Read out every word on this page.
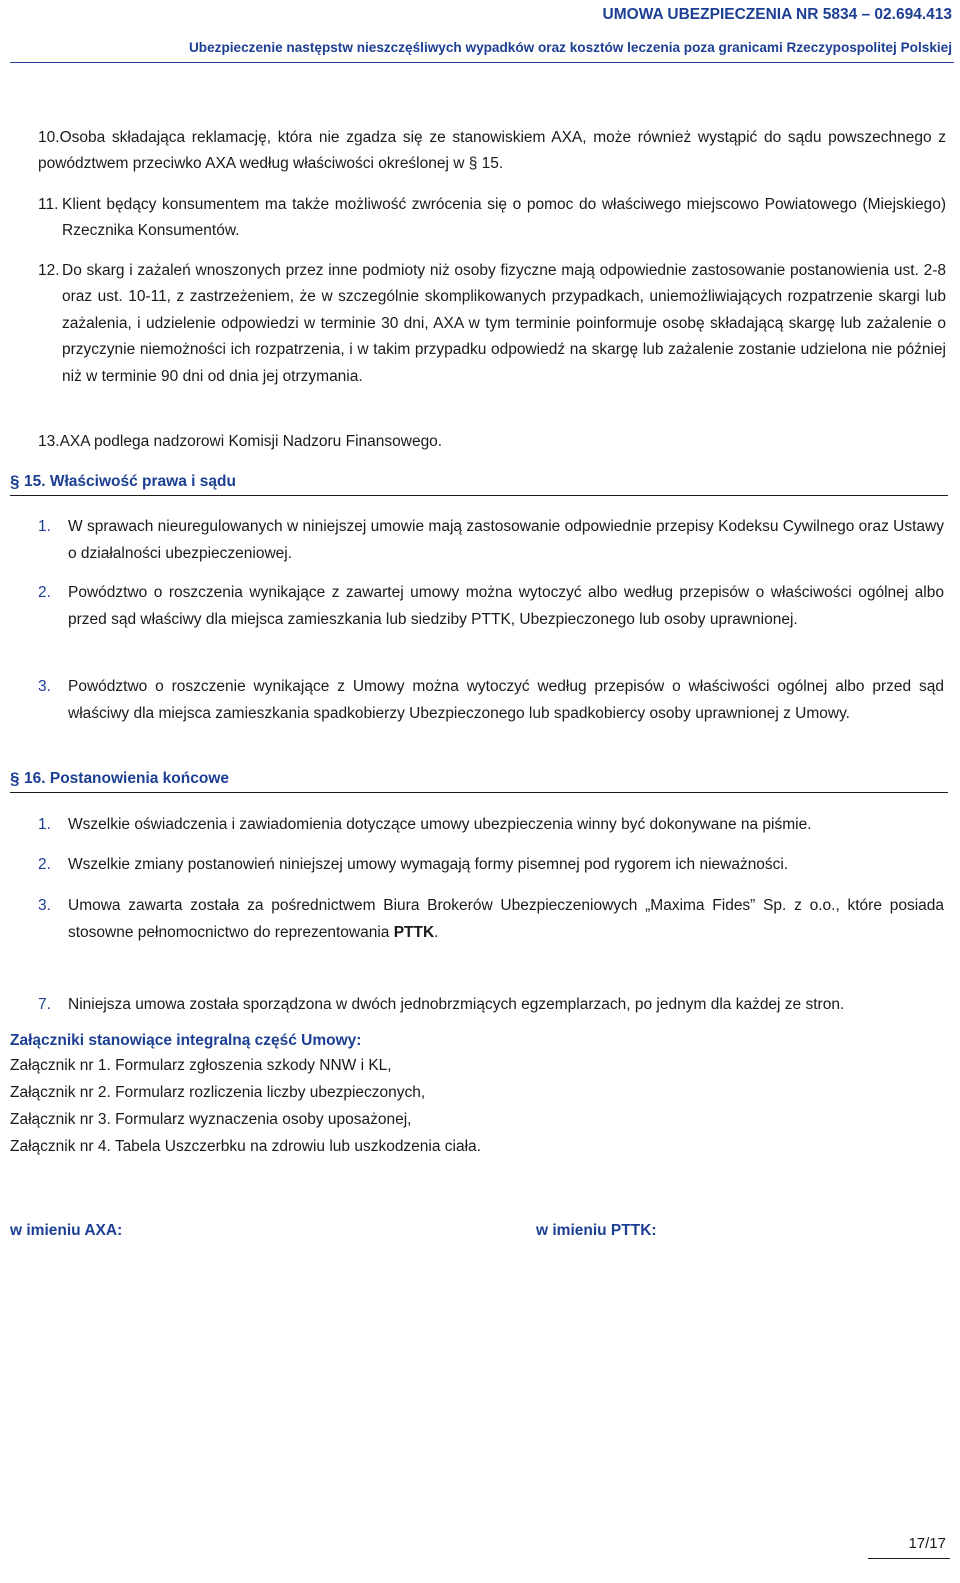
UMOWA UBEZPIECZENIA NR 5834 – 02.694.413
Ubezpieczenie następstw nieszczęśliwych wypadków oraz kosztów leczenia poza granicami Rzeczypospolitej Polskiej
10.Osoba składająca reklamację, która nie zgadza się ze stanowiskiem AXA, może również wystąpić do sądu powszechnego z powództwem przeciwko AXA według właściwości określonej w § 15.
11. Klient będący konsumentem ma także możliwość zwrócenia się o pomoc do właściwego miejscowo Powiatowego (Miejskiego) Rzecznika Konsumentów.
12. Do skarg i zażaleń wnoszonych przez inne podmioty niż osoby fizyczne mają odpowiednie zastosowanie postanowienia ust. 2-8 oraz ust. 10-11, z zastrzeżeniem, że w szczególnie skomplikowanych przypadkach, uniemożliwiających rozpatrzenie skargi lub zażalenia, i udzielenie odpowiedzi w terminie 30 dni, AXA w tym terminie poinformuje osobę składającą skargę lub zażalenie o przyczynie niemożności ich rozpatrzenia, i w takim przypadku odpowiedź na skargę lub zażalenie zostanie udzielona nie później niż w terminie 90 dni od dnia jej otrzymania.
13.AXA podlega nadzorowi Komisji Nadzoru Finansowego.
§ 15. Właściwość prawa i sądu
1. W sprawach nieuregulowanych w niniejszej umowie mają zastosowanie odpowiednie przepisy Kodeksu Cywilnego oraz Ustawy o działalności ubezpieczeniowej.
2. Powództwo o roszczenia wynikające z zawartej umowy można wytoczyć albo według przepisów o właściwości ogólnej albo przed sąd właściwy dla miejsca zamieszkania lub siedziby PTTK, Ubezpieczonego lub osoby uprawnionej.
3. Powództwo o roszczenie wynikające z Umowy można wytoczyć według przepisów o właściwości ogólnej albo przed sąd właściwy dla miejsca zamieszkania spadkobierzy Ubezpieczonego lub spadkobiercy osoby uprawnionej z Umowy.
§ 16. Postanowienia końcowe
1. Wszelkie oświadczenia i zawiadomienia dotyczące umowy ubezpieczenia winny być dokonywane na piśmie.
2. Wszelkie zmiany postanowień niniejszej umowy wymagają formy pisemnej pod rygorem ich nieważności.
3. Umowa zawarta została za pośrednictwem Biura Brokerów Ubezpieczeniowych „Maxima Fides” Sp. z o.o., które posiada stosowne pełnomocnictwo do reprezentowania PTTK.
7. Niniejsza umowa została sporządzona w dwóch jednobrzmiących egzemplarzach, po jednym dla każdej ze stron.
Załączniki stanowiące integralną część Umowy:
Załącznik nr 1. Formularz zgłoszenia szkody NNW i KL,
Załącznik nr 2. Formularz rozliczenia liczby ubezpieczonych,
Załącznik nr 3. Formularz wyznaczenia osoby uposażonej,
Załącznik nr 4. Tabela Uszczerbku na zdrowiu lub uszkodzenia ciała.
w imieniu AXA:	w imieniu PTTK:
17/17
